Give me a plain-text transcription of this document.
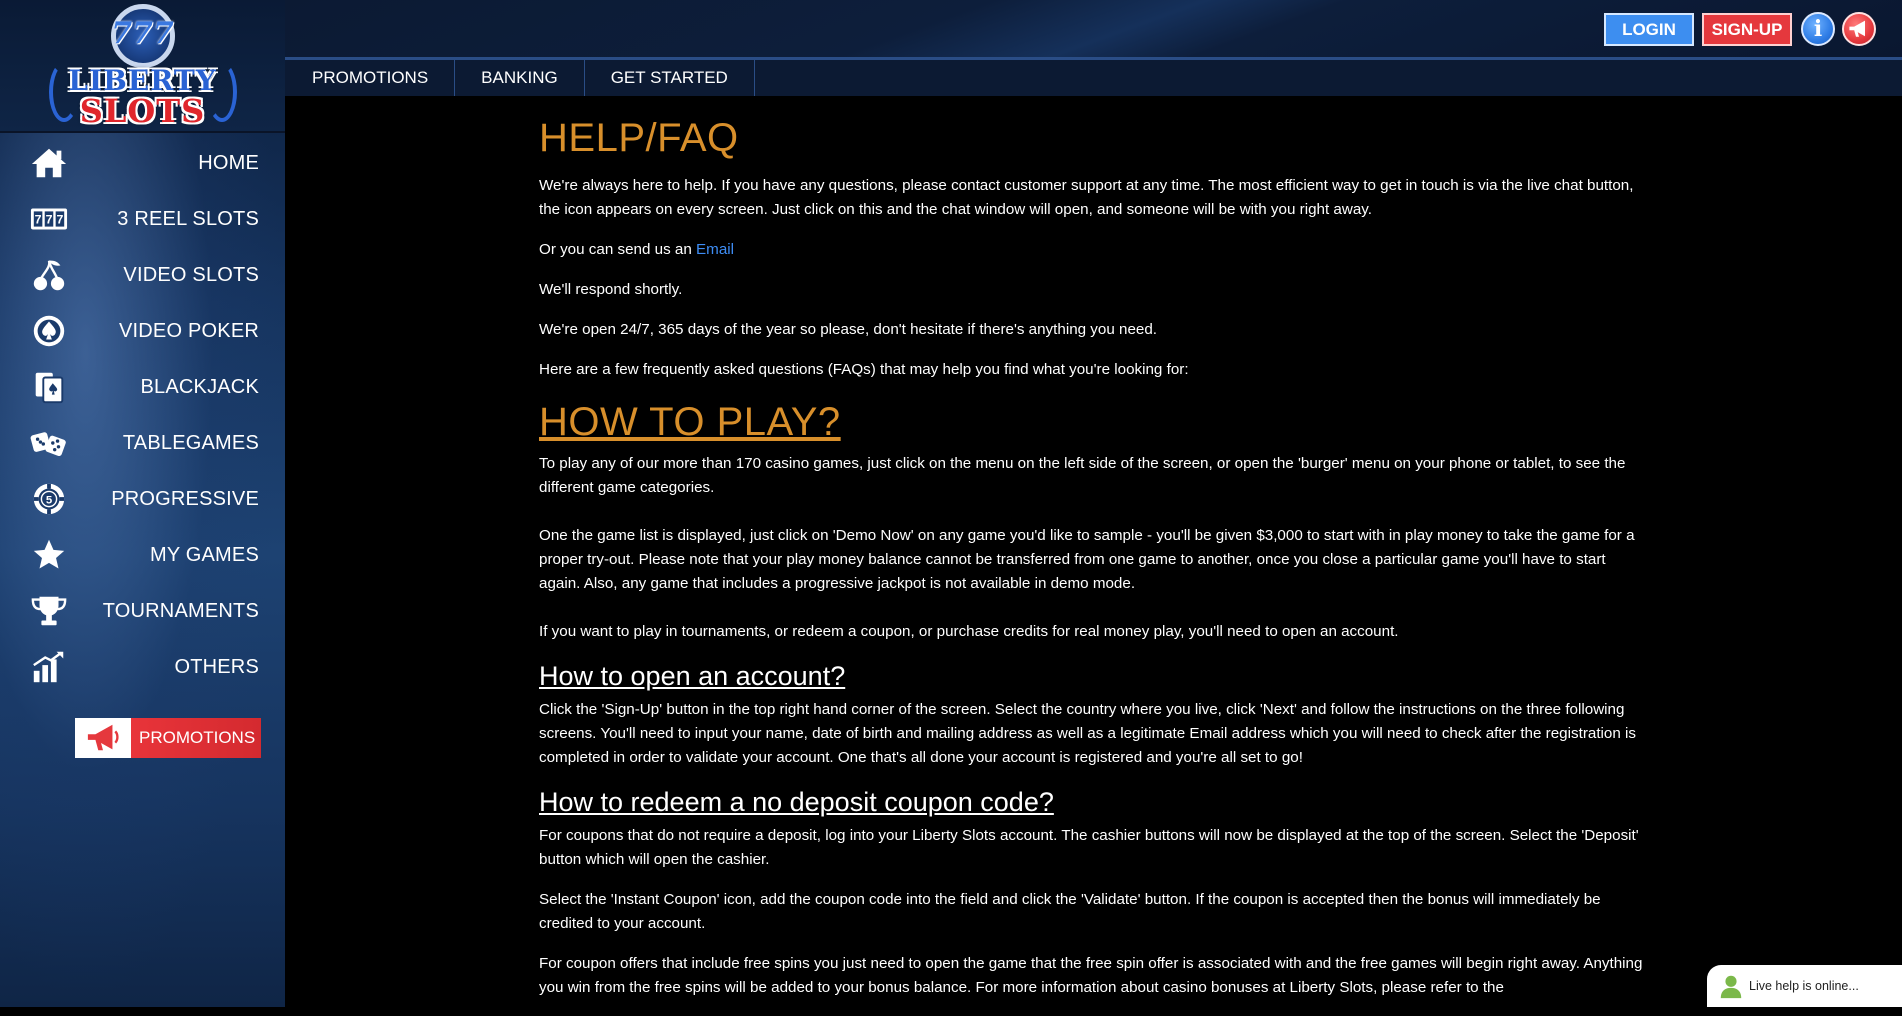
777
LIBERTY
SLOTS
HOME
7 7 7	3 REEL SLOTS
VIDEO SLOTS
VIDEO POKER
BLACKJACK
TABLEGAMES
5	PROGRESSIVE
MY GAMES
TOURNAMENTS
OTHERS
PROMOTIONS
LOGIN	SIGN-UP	i
PROMOTIONS	BANKING	GET STARTED
HELP/FAQ

We're always here to help. If you have any questions, please contact customer support at any time. The most efficient way to get in touch is via the live chat button, the icon appears on every screen. Just click on this and the chat window will open, and someone will be with you right away.

Or you can send us an Email

We'll respond shortly.

We're open 24/7, 365 days of the year so please, don't hesitate if there's anything you need.

Here are a few frequently asked questions (FAQs) that may help you find what you're looking for:

HOW TO PLAY?

To play any of our more than 170 casino games, just click on the menu on the left side of the screen, or open the 'burger' menu on your phone or tablet, to see the different game categories.

One the game list is displayed, just click on 'Demo Now' on any game you'd like to sample - you'll be given $3,000 to start with in play money to take the game for a proper try-out. Please note that your play money balance cannot be transferred from one game to another, once you close a particular game you'll have to start again. Also, any game that includes a progressive jackpot is not available in demo mode.

If you want to play in tournaments, or redeem a coupon, or purchase credits for real money play, you'll need to open an account.

How to open an account?

Click the 'Sign-Up' button in the top right hand corner of the screen. Select the country where you live, click 'Next' and follow the instructions on the three following screens. You'll need to input your name, date of birth and mailing address as well as a legitimate Email address which you will need to check after the registration is completed in order to validate your account. One that's all done your account is registered and you're all set to go!

How to redeem a no deposit coupon code?

For coupons that do not require a deposit, log into your Liberty Slots account. The cashier buttons will now be displayed at the top of the screen. Select the 'Deposit' button which will open the cashier.

Select the 'Instant Coupon' icon, add the coupon code into the field and click the 'Validate' button. If the coupon is accepted then the bonus will immediately be credited to your account.

For coupon offers that include free spins you just need to open the game that the free spin offer is associated with and the free games will begin right away. Anything you win from the free spins will be added to your bonus balance. For more information about casino bonuses at Liberty Slots, please refer to the	Live help is online...
